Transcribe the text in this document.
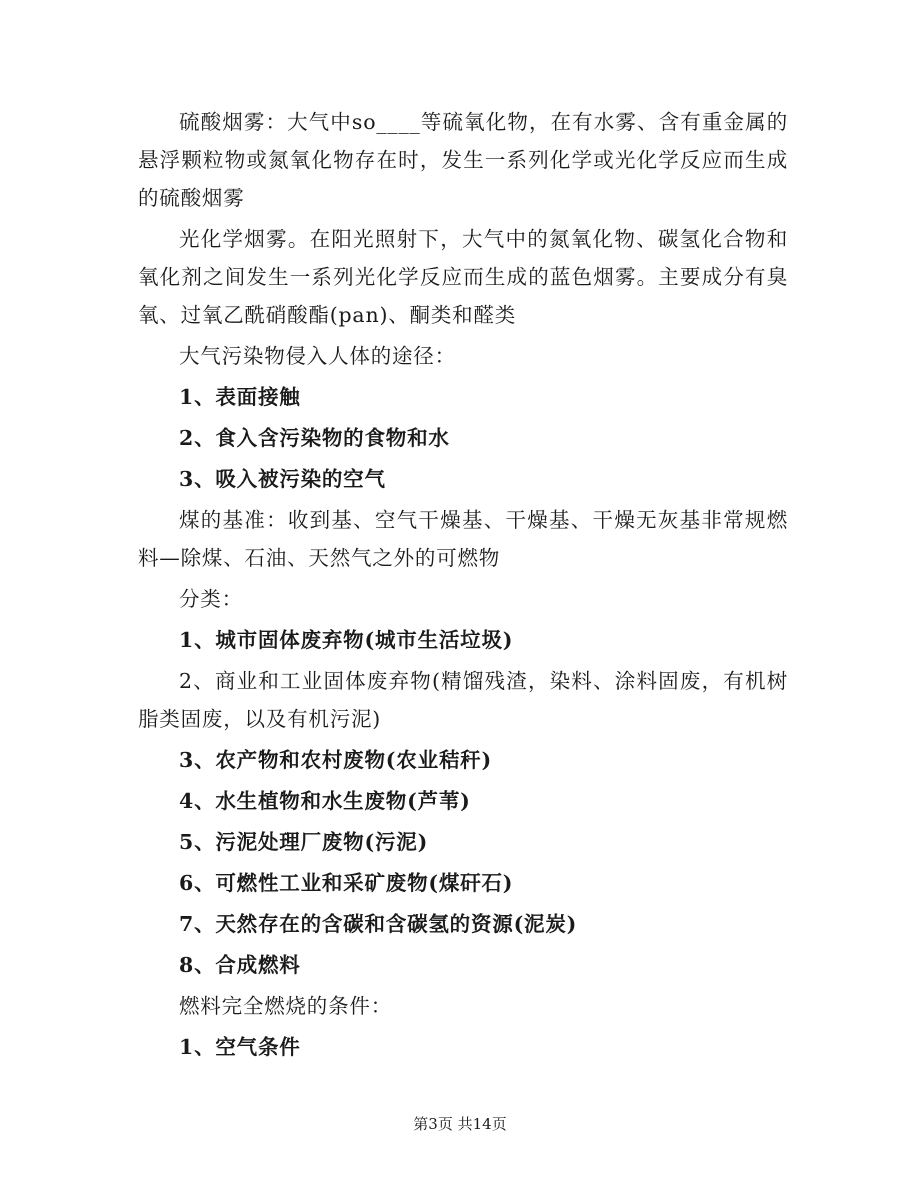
硫酸烟雾：大气中so____等硫氧化物，在有水雾、含有重金属的悬浮颗粒物或氮氧化物存在时，发生一系列化学或光化学反应而生成的硫酸烟雾

光化学烟雾。在阳光照射下，大气中的氮氧化物、碳氢化合物和氧化剂之间发生一系列光化学反应而生成的蓝色烟雾。主要成分有臭氧、过氧乙酰硝酸酯(pan)、酮类和醛类

大气污染物侵入人体的途径：

1、表面接触

2、食入含污染物的食物和水

3、吸入被污染的空气

煤的基准：收到基、空气干燥基、干燥基、干燥无灰基非常规燃料—除煤、石油、天然气之外的可燃物

分类：

1、城市固体废弃物(城市生活垃圾)

2、商业和工业固体废弃物(精馏残渣，染料、涂料固废，有机树脂类固废，以及有机污泥)

3、农产物和农村废物(农业秸秆)

4、水生植物和水生废物(芦苇)

5、污泥处理厂废物(污泥)

6、可燃性工业和采矿废物(煤矸石)

7、天然存在的含碳和含碳氢的资源(泥炭)

8、合成燃料

燃料完全燃烧的条件：

1、空气条件

第3页 共14页
